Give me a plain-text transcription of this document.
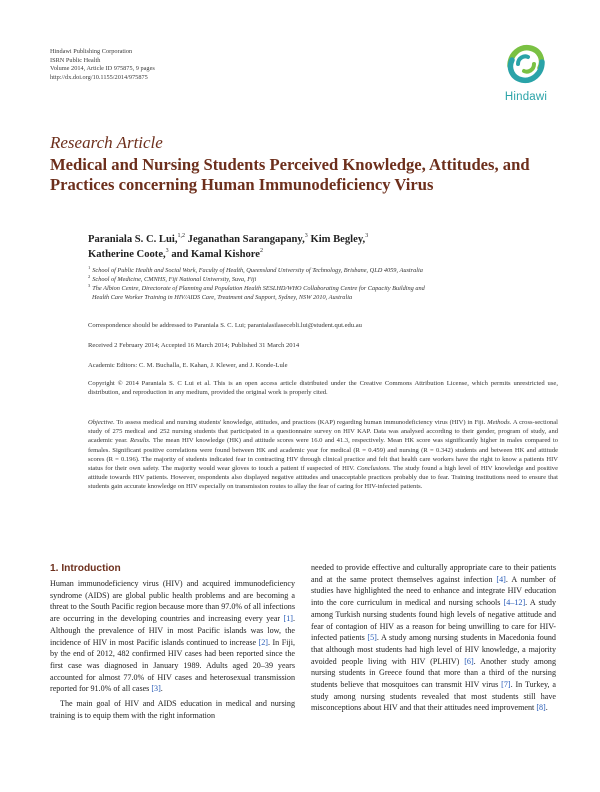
Hindawi Publishing Corporation
ISRN Public Health
Volume 2014, Article ID 975875, 9 pages
http://dx.doi.org/10.1155/2014/975875
Hindawi
Research Article
Medical and Nursing Students Perceived Knowledge, Attitudes, and Practices concerning Human Immunodeficiency Virus
Paraniala S. C. Lui,$^{1,2}$ Jeganathan Sarangapany,$^3$ Kim Begley,$^3$
Katherine Coote,$^3$ and Kamal Kishore$^2$
$^1$ School of Public Health and Social Work, Faculty of Health, Queensland University of Technology, Brisbane, QLD 4059, Australia
$^2$ School of Medicine, CMNHS, Fiji National University, Suva, Fiji
$^3$ The Albion Centre, Directorate of Planning and Population Health SESLHD/WHO Collaborating Centre for Capacity Building and
Health Care Worker Training in HIV/AIDS Care, Treatment and Support, Sydney, NSW 2010, Australia
Correspondence should be addressed to Paraniala S. C. Lui; paranialasilasecebli.lui@student.qut.edu.au
Received 2 February 2014; Accepted 16 March 2014; Published 31 March 2014
Academic Editors: C. M. Buchalla, E. Kahan, J. Klewer, and J. Konde-Lule
Copyright © 2014 Paraniala S. C Lui et al. This is an open access article distributed under the Creative Commons Attribution License, which permits unrestricted use, distribution, and reproduction in any medium, provided the original work is properly cited.
Objective. To assess medical and nursing students' knowledge, attitudes, and practices (KAP) regarding human immunodeficiency virus (HIV) in Fiji. Methods. A cross-sectional study of 275 medical and 252 nursing students that participated in a questionnaire survey on HIV KAP. Data was analysed according to their gender, program of study, and academic year. Results. The mean HIV knowledge (HK) and attitude scores were 16.0 and 41.3, respectively. Mean HK score was significantly higher in males compared to females. Significant positive correlations were found between HK and academic year for medical (R = 0.459) and nursing (R = 0.342) students and between HK and attitude scores (R = 0.196). The majority of students indicated fear in contracting HIV through clinical practice and felt that health care workers have the right to know a patients HIV status for their own safety. The majority would wear gloves to touch a patient if suspected of HIV. Conclusions. The study found a high level of HIV knowledge and positive attitude towards HIV patients. However, respondents also displayed negative attitudes and unacceptable practices probably due to fear. Training institutions need to ensure that students gain accurate knowledge on HIV especially on transmission routes to allay the fear of caring for HIV-infected patients.
1. Introduction

Human immunodeficiency virus (HIV) and acquired immunodeficiency syndrome (AIDS) are global public health problems and are becoming a threat to the South Pacific region because more than 97.0% of all infections are occurring in the developing countries and increasing every year [1]. Although the prevalence of HIV in most Pacific islands was low, the incidence of HIV in most Pacific islands continued to increase [2]. In Fiji, by the end of 2012, 482 confirmed HIV cases had been reported since the first case was diagnosed in January 1989. Adults aged 20–39 years accounted for almost 77.0% of HIV cases and heterosexual transmission reported for 91.0% of all cases [3].

The main goal of HIV and AIDS education in medical and nursing training is to equip them with the right information

needed to provide effective and culturally appropriate care to their patients and at the same protect themselves against infection [4]. A number of studies have highlighted the need to enhance and integrate HIV education into the core curriculum in medical and nursing schools [4–12]. A study among Turkish nursing students found high levels of negative attitude and fear of contagion of HIV as a reason for being unwilling to care for HIV-infected patients [5]. A study among nursing students in Macedonia found that although most students had high level of HIV knowledge, a majority avoided people living with HIV (PLHIV) [6]. Another study among nursing students in Greece found that more than a third of the nursing students believe that mosquitoes can transmit HIV virus [7]. In Turkey, a study among nursing students revealed that most students still have misconceptions about HIV and that their attitudes need improvement [8].
